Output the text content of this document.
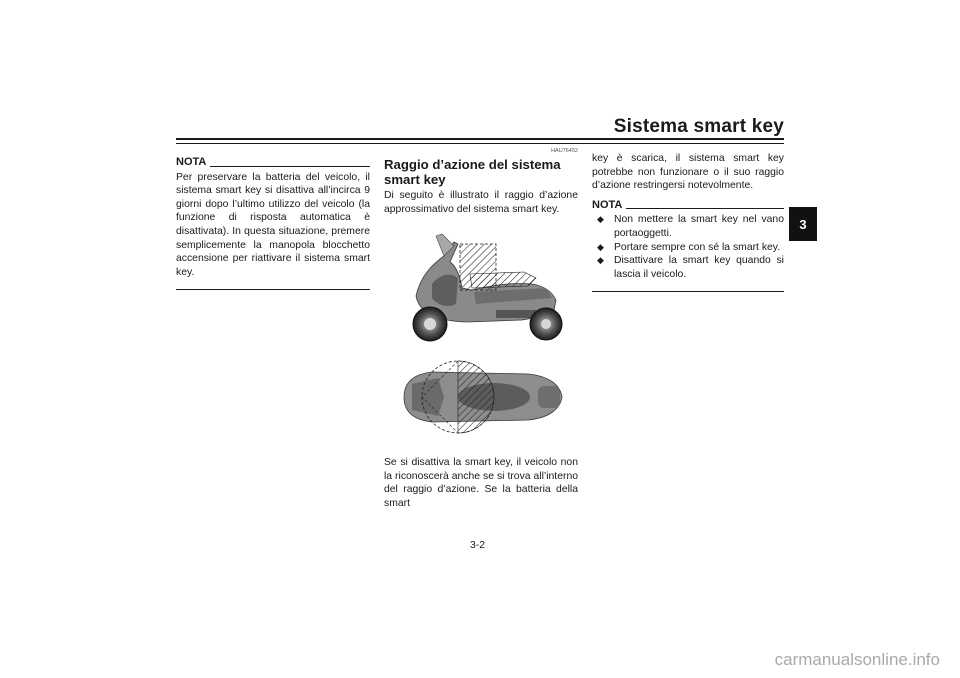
Sistema smart key
3
NOTA

Per preservare la batteria del veicolo, il sistema smart key si disattiva all’incirca 9 giorni dopo l’ultimo utilizzo del veicolo (la funzione di risposta automatica è disattivata). In questa situazione, premere semplicemente la manopola blocchetto accensione per riattivare il sistema smart key.

HAU76452
Raggio d’azione del sistema smart key

Di seguito è illustrato il raggio d’azione approssimativo del sistema smart key.

Se si disattiva la smart key, il veicolo non la riconoscerà anche se si trova all’interno del raggio d’azione. Se la batteria della smart

key è scarica, il sistema smart key potrebbe non funzionare o il suo raggio d’azione restringersi notevolmente.

NOTA
◆ Non mettere la smart key nel vano portaoggetti.
◆ Portare sempre con sé la smart key.
◆ Disattivare la smart key quando si lascia il veicolo.
3-2
carmanualsonline.info
